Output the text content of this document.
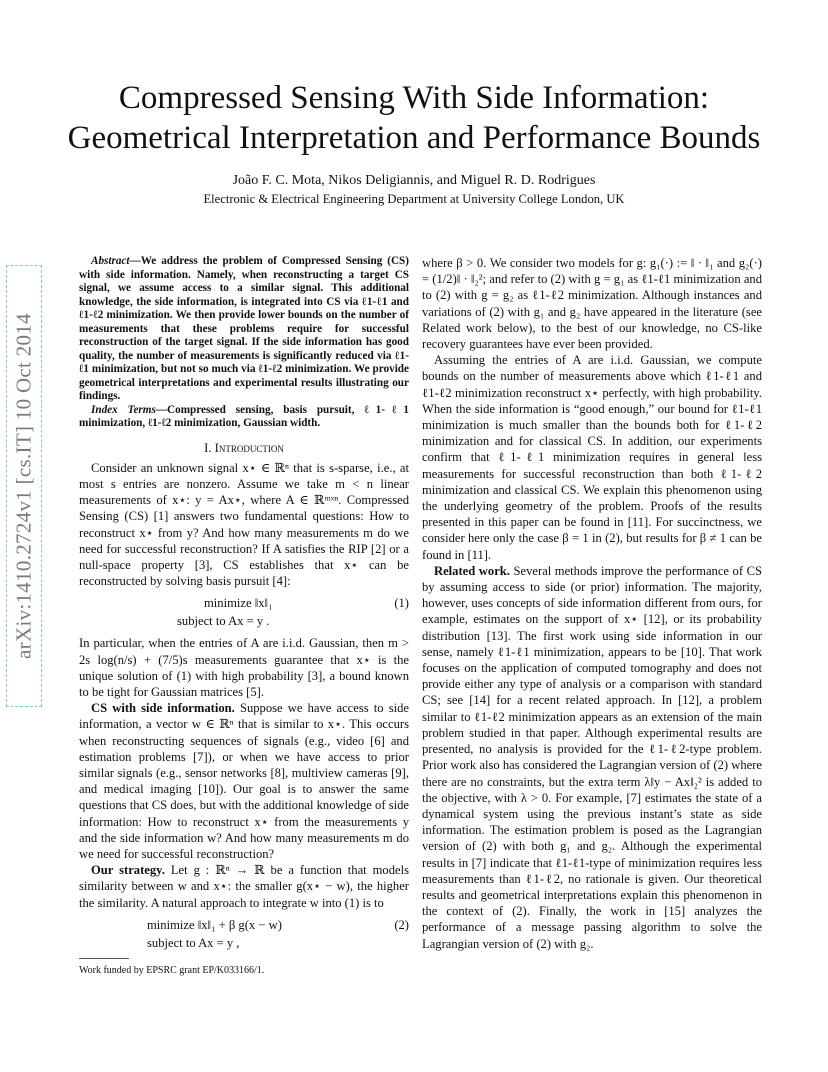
Compressed Sensing With Side Information:
Geometrical Interpretation and Performance Bounds
João F. C. Mota, Nikos Deligiannis, and Miguel R. D. Rodrigues
Electronic & Electrical Engineering Department at University College London, UK
arXiv:1410.2724v1 [cs.IT] 10 Oct 2014

Abstract—We address the problem of Compressed Sensing (CS) with side information. Namely, when reconstructing a target CS signal, we assume access to a similar signal. This additional knowledge, the side information, is integrated into CS via ℓ1-ℓ1 and ℓ1-ℓ2 minimization. We then provide lower bounds on the number of measurements that these problems require for successful reconstruction of the target signal. If the side information has good quality, the number of measurements is significantly reduced via ℓ1-ℓ1 minimization, but not so much via ℓ1-ℓ2 minimization. We provide geometrical interpretations and experimental results illustrating our findings.

Index Terms—Compressed sensing, basis pursuit, ℓ1-ℓ1 minimization, ℓ1-ℓ2 minimization, Gaussian width.

I. Introduction

Consider an unknown signal x⋆ ∈ ℝⁿ that is s-sparse, i.e., at most s entries are nonzero. Assume we take m < n linear measurements of x⋆: y = Ax⋆, where A ∈ ℝᵐˣⁿ. Compressed Sensing (CS) [1] answers two fundamental questions: How to reconstruct x⋆ from y? And how many measurements m do we need for successful reconstruction? If A satisfies the RIP [2] or a null-space property [3], CS establishes that x⋆ can be reconstructed by solving basis pursuit [4]:

minimize ‖x‖₁
subject to Ax = y .
(1)

In particular, when the entries of A are i.i.d. Gaussian, then m > 2s log(n/s) + (7/5)s measurements guarantee that x⋆ is the unique solution of (1) with high probability [3], a bound known to be tight for Gaussian matrices [5].

CS with side information. Suppose we have access to side information, a vector w ∈ ℝⁿ that is similar to x⋆. This occurs when reconstructing sequences of signals (e.g., video [6] and estimation problems [7]), or when we have access to prior similar signals (e.g., sensor networks [8], multiview cameras [9], and medical imaging [10]). Our goal is to answer the same questions that CS does, but with the additional knowledge of side information: How to reconstruct x⋆ from the measurements y and the side information w? And how many measurements m do we need for successful reconstruction?

Our strategy. Let g : ℝⁿ → ℝ be a function that models similarity between w and x⋆: the smaller g(x⋆ − w), the higher the similarity. A natural approach to integrate w into (1) is to

minimize ‖x‖₁ + β g(x − w)
subject to Ax = y ,
(2)
Work funded by EPSRC grant EP/K033166/1.

where β > 0. We consider two models for g: g₁(·) := ‖ · ‖₁ and g₂(·) = (1/2)‖ · ‖₂²; and refer to (2) with g = g₁ as ℓ1-ℓ1 minimization and to (2) with g = g₂ as ℓ1-ℓ2 minimization. Although instances and variations of (2) with g₁ and g₂ have appeared in the literature (see Related work below), to the best of our knowledge, no CS-like recovery guarantees have ever been provided.

Assuming the entries of A are i.i.d. Gaussian, we compute bounds on the number of measurements above which ℓ1-ℓ1 and ℓ1-ℓ2 minimization reconstruct x⋆ perfectly, with high probability. When the side information is “good enough,” our bound for ℓ1-ℓ1 minimization is much smaller than the bounds both for ℓ1-ℓ2 minimization and for classical CS. In addition, our experiments confirm that ℓ1-ℓ1 minimization requires in general less measurements for successful reconstruction than both ℓ1-ℓ2 minimization and classical CS. We explain this phenomenon using the underlying geometry of the problem. Proofs of the results presented in this paper can be found in [11]. For succinctness, we consider here only the case β = 1 in (2), but results for β ≠ 1 can be found in [11].

Related work. Several methods improve the performance of CS by assuming access to side (or prior) information. The majority, however, uses concepts of side information different from ours, for example, estimates on the support of x⋆ [12], or its probability distribution [13]. The first work using side information in our sense, namely ℓ1-ℓ1 minimization, appears to be [10]. That work focuses on the application of computed tomography and does not provide either any type of analysis or a comparison with standard CS; see [14] for a recent related approach. In [12], a problem similar to ℓ1-ℓ2 minimization appears as an extension of the main problem studied in that paper. Although experimental results are presented, no analysis is provided for the ℓ1-ℓ2-type problem. Prior work also has considered the Lagrangian version of (2) where there are no constraints, but the extra term λ‖y − Ax‖₂² is added to the objective, with λ > 0. For example, [7] estimates the state of a dynamical system using the previous instant’s state as side information. The estimation problem is posed as the Lagrangian version of (2) with both g₁ and g₂. Although the experimental results in [7] indicate that ℓ1-ℓ1-type of minimization requires less measurements than ℓ1-ℓ2, no rationale is given. Our theoretical results and geometrical interpretations explain this phenomenon in the context of (2). Finally, the work in [15] analyzes the performance of a message passing algorithm to solve the Lagrangian version of (2) with g₂.
